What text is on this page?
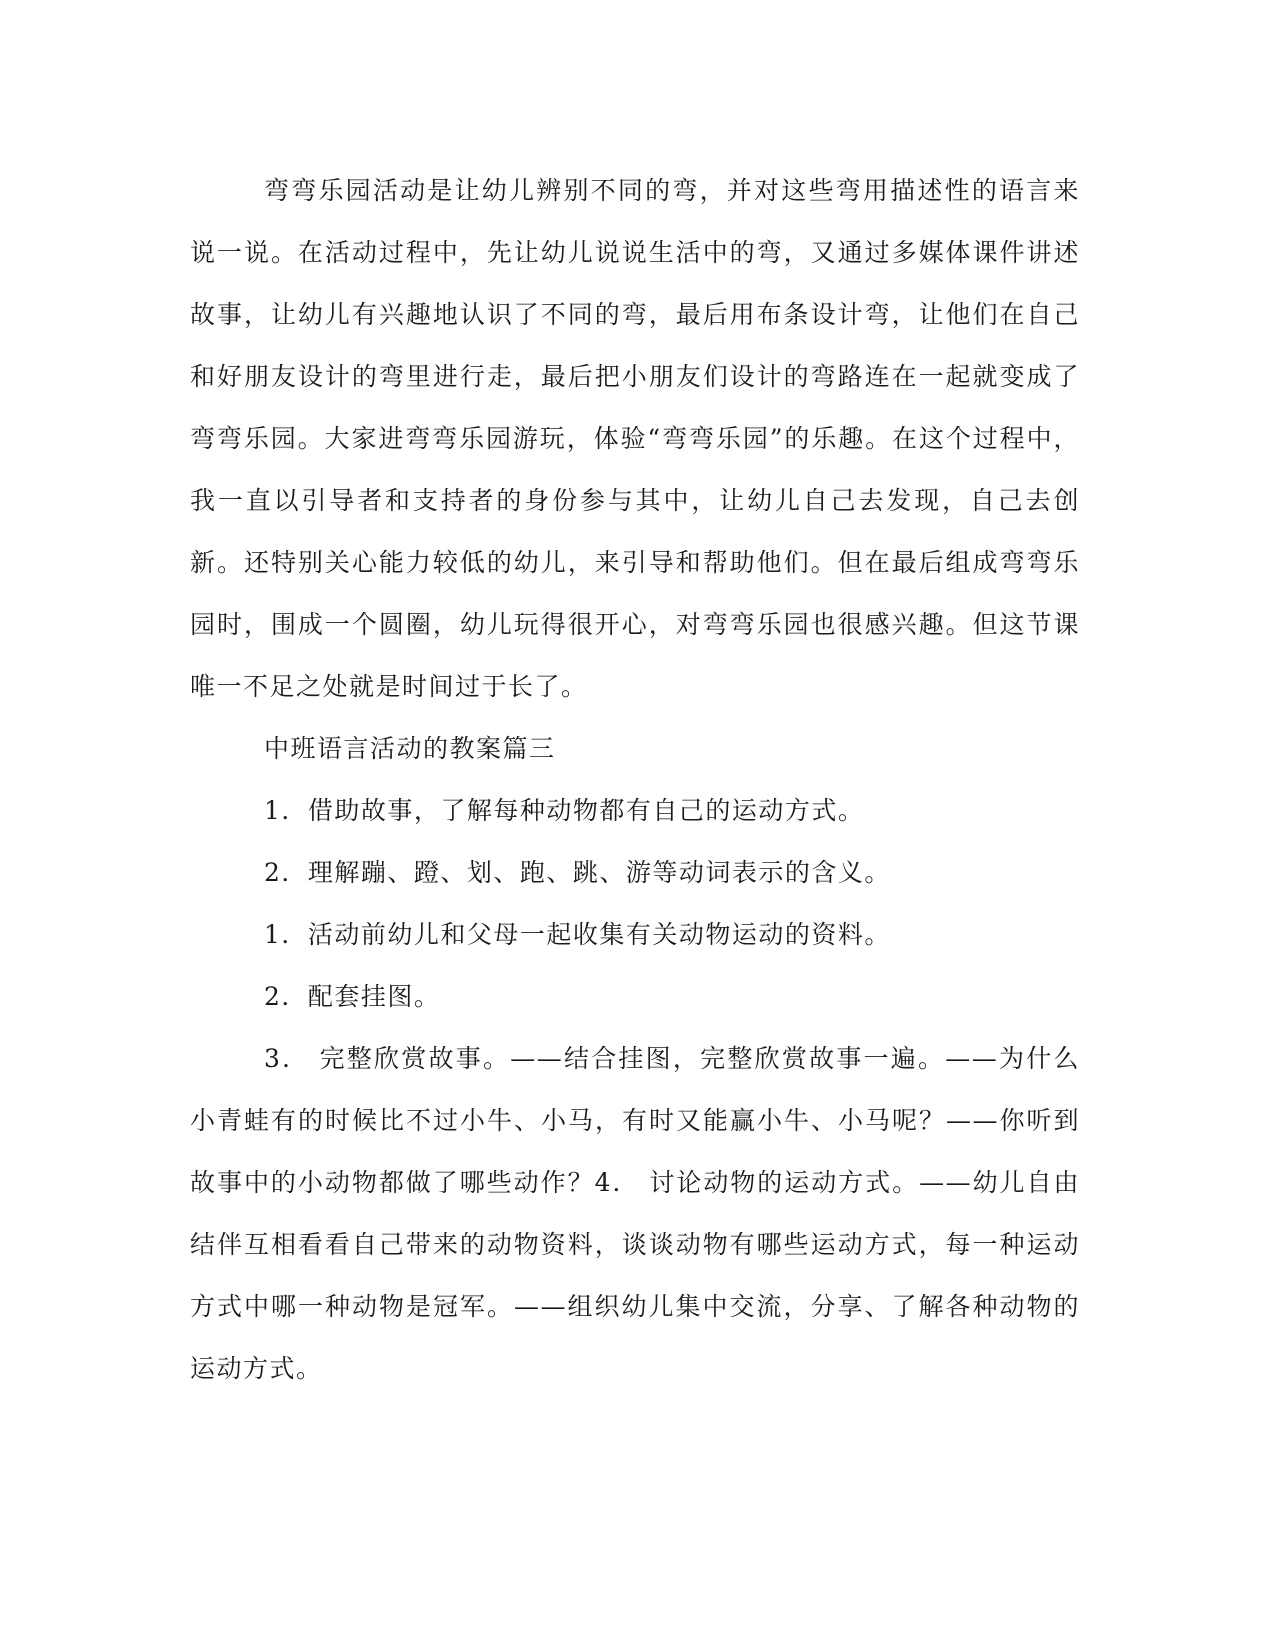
弯弯乐园活动是让幼儿辨别不同的弯，并对这些弯用描述性的语言来说一说。在活动过程中，先让幼儿说说生活中的弯，又通过多媒体课件讲述故事，让幼儿有兴趣地认识了不同的弯，最后用布条设计弯，让他们在自己和好朋友设计的弯里进行走，最后把小朋友们设计的弯路连在一起就变成了弯弯乐园。大家进弯弯乐园游玩，体验“弯弯乐园”的乐趣。在这个过程中，我一直以引导者和支持者的身份参与其中，让幼儿自己去发现，自己去创新。还特别关心能力较低的幼儿，来引导和帮助他们。但在最后组成弯弯乐园时，围成一个圆圈，幼儿玩得很开心，对弯弯乐园也很感兴趣。但这节课唯一不足之处就是时间过于长了。

中班语言活动的教案篇三

1．借助故事，了解每种动物都有自己的运动方式。

2．理解蹦、蹬、划、跑、跳、游等动词表示的含义。

1．活动前幼儿和父母一起收集有关动物运动的资料。

2．配套挂图。

3． 完整欣赏故事。——结合挂图，完整欣赏故事一遍。——为什么小青蛙有的时候比不过小牛、小马，有时又能赢小牛、小马呢？——你听到故事中的小动物都做了哪些动作？4． 讨论动物的运动方式。——幼儿自由结伴互相看看自己带来的动物资料，谈谈动物有哪些运动方式，每一种运动方式中哪一种动物是冠军。——组织幼儿集中交流，分享、了解各种动物的运动方式。
